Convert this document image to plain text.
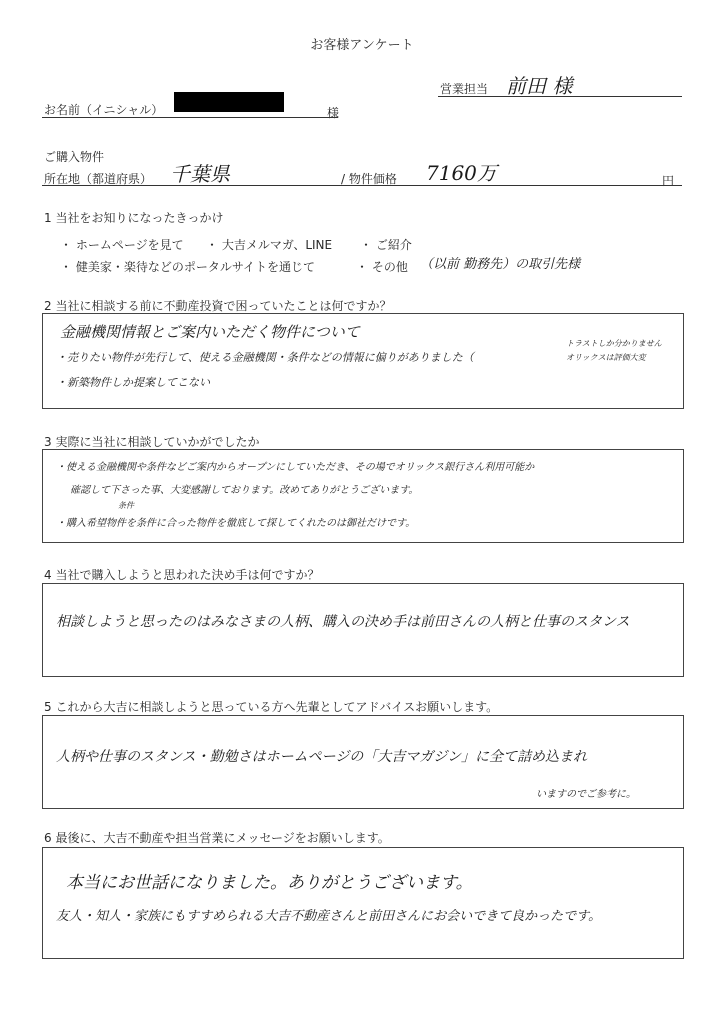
お客様アンケート
営業担当 前田 様
お名前（イニシャル）	様
ご購入物件
所在地（都道府県） 千葉県	/ 物件価格 7160万	円
1 当社をお知りになったきっかけ
・ ホームページを見て ・ 大吉メルマガ、LINE ・ ご紹介
・ 健美家・楽待などのポータルサイトを通じて	・ その他 （以前 勤務先）の取引先様
2 当社に相談する前に不動産投資で困っていたことは何ですか？
金融機関情報とご案内いただく物件について
・売りたい物件が先行して、使える金融機関・条件などの情報に偏りがありました（
トラストしか分かりません
オリックスは評価大変
・新築物件しか提案してこない
3 実際に当社に相談していかがでしたか
・使える金融機関や条件などご案内からオープンにしていただき、その場でオリックス銀行さん利用可能か
確認して下さった事、大変感謝しております。改めてありがとうございます。
条件
・購入希望物件を条件に合った物件を徹底して探してくれたのは御社だけです。
4 当社で購入しようと思われた決め手は何ですか？
相談しようと思ったのはみなさまの人柄、購入の決め手は前田さんの人柄と仕事のスタンス
5 これから大吉に相談しようと思っている方へ先輩としてアドバイスお願いします。
人柄や仕事のスタンス・勤勉さはホームページの「大吉マガジン」に全て詰め込まれ
いますのでご参考に。
6 最後に、大吉不動産や担当営業にメッセージをお願いします。
本当にお世話になりました。ありがとうございます。
友人・知人・家族にもすすめられる大吉不動産さんと前田さんにお会いできて良かったです。
